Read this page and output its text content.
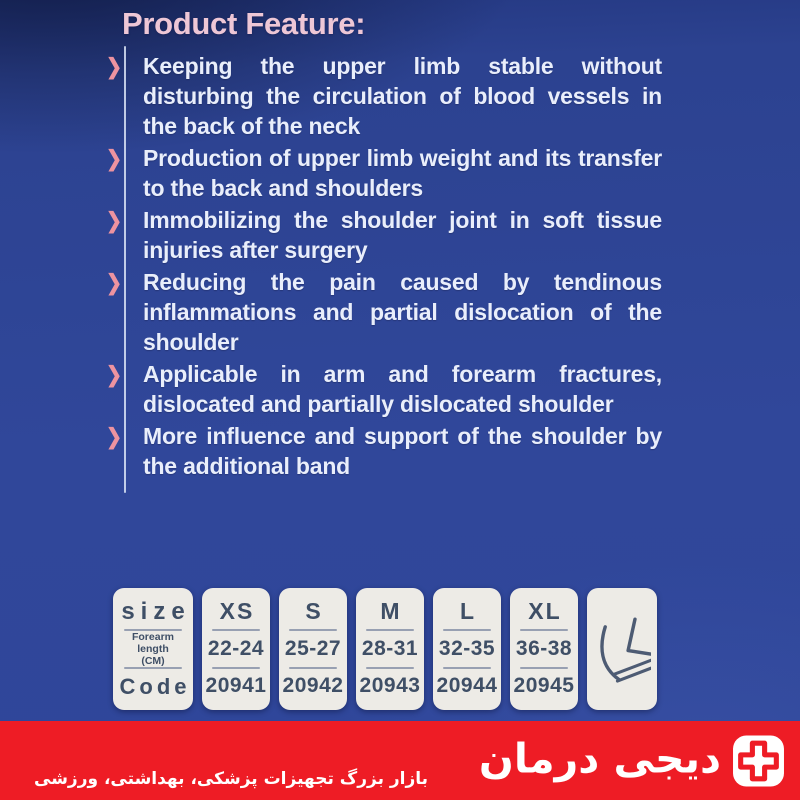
Product Feature:
❯ Keeping the upper limb stable without disturbing the circulation of blood vessels in the back of the neck
❯ Production of upper limb weight and its transfer to the back and shoulders
❯ Immobilizing the shoulder joint in soft tissue injuries after surgery
❯ Reducing the pain caused by tendinous inflammations and partial dislocation of the shoulder
❯ Applicable in arm and forearm fractures, dislocated and partially dislocated shoulder
❯ More influence and support of the shoulder by the additional band
size
Forearm length
(CM)
Code
XS
22-24
20941
S
25-27
20942
M
28-31
20943
L
32-35
20944
XL
36-38
20945
بازار بزرگ تجهیزات پزشکی، بهداشتی، ورزشی دیجی درمان
